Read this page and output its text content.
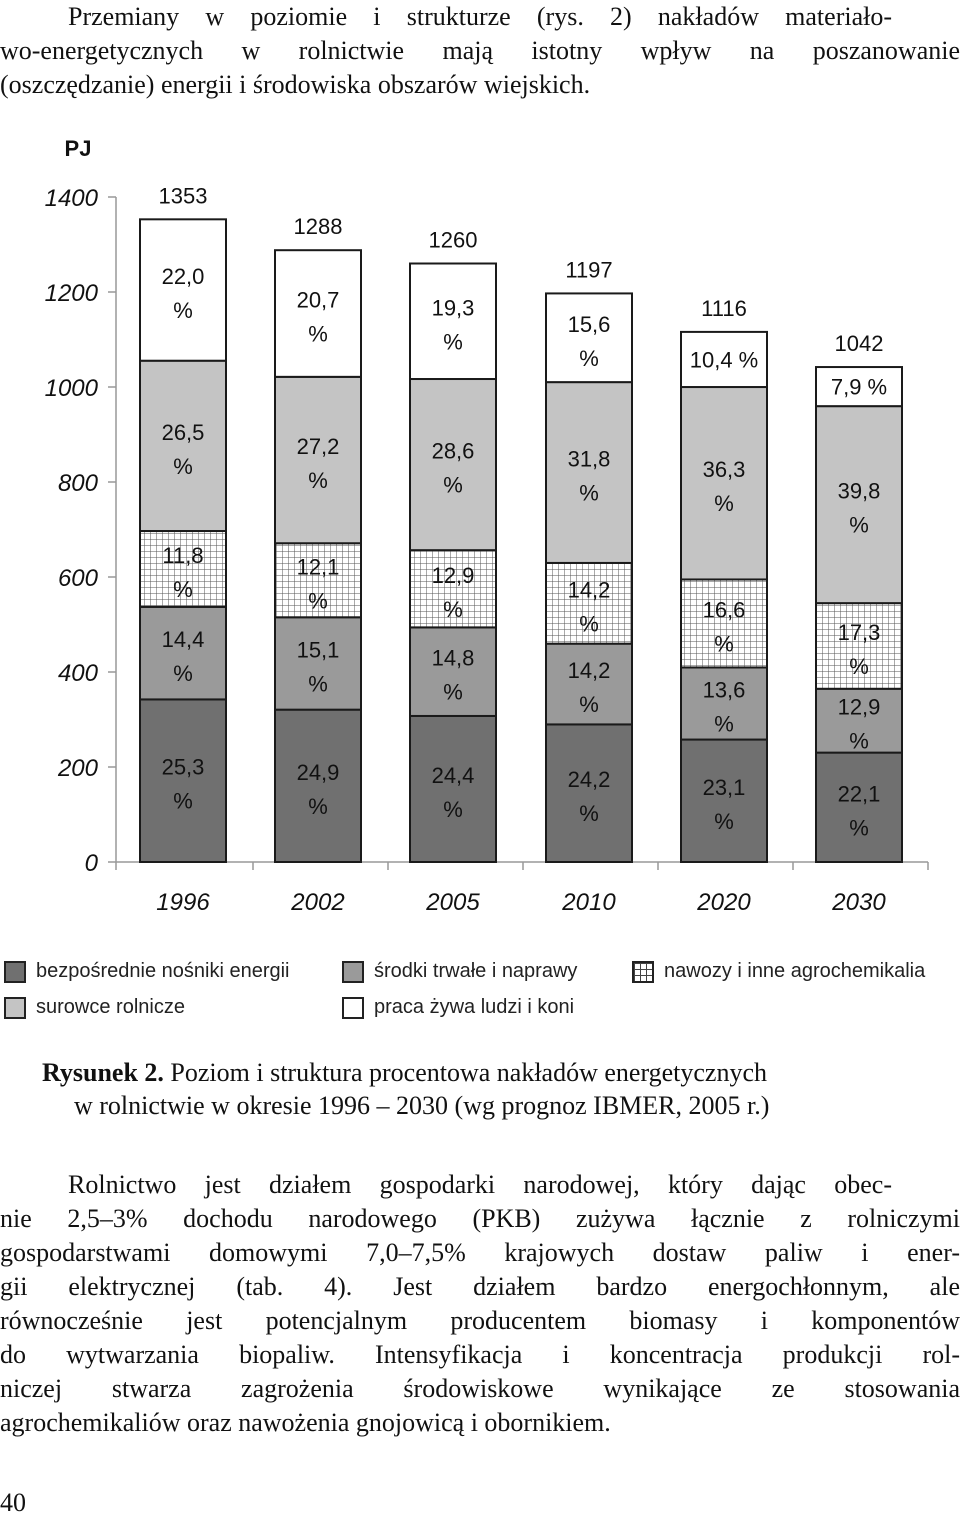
Przemiany w poziomie i strukturze (rys. 2) nakładów materiało-
wo-energetycznych w rolnictwie mają istotny wpływ na poszanowanie
(oszczędzanie) energii i środowiska obszarów wiejskich.
PJ
0
200
400
600
800
1000
1200
1400
25,3 %
14,4 %
11,8 %
26,5 %
22,0 %
1353
1996
24,9 %
15,1 %
12,1 %
27,2 %
20,7 %
1288
2002
24,4 %
14,8 %
12,9 %
28,6 %
19,3 %
1260
2005
24,2 %
14,2 %
14,2 %
31,8 %
15,6 %
1197
2010
23,1 %
13,6 %
16,6 %
36,3 %
10,4 %
1116
2020
22,1 %
12,9 %
17,3 %
39,8 %
7,9 %
1042
2030
bezpośrednie nośniki energii	środki trwałe i naprawy	nawozy i inne agrochemikalia
surowce rolnicze	praca żywa ludzi i koni
Rysunek 2. Poziom i struktura procentowa nakładów energetycznych
w rolnictwie w okresie 1996 – 2030 (wg prognoz IBMER, 2005 r.)
Rolnictwo jest działem gospodarki narodowej, który dając obec-
nie 2,5–3% dochodu narodowego (PKB) zużywa łącznie z rolniczymi
gospodarstwami domowymi 7,0–7,5% krajowych dostaw paliw i ener-
gii elektrycznej (tab. 4). Jest działem bardzo energochłonnym, ale
równocześnie jest potencjalnym producentem biomasy i komponentów
do wytwarzania biopaliw. Intensyfikacja i koncentracja produkcji rol-
niczej stwarza zagrożenia środowiskowe wynikające ze stosowania
agrochemikaliów oraz nawożenia gnojowicą i obornikiem.
40
